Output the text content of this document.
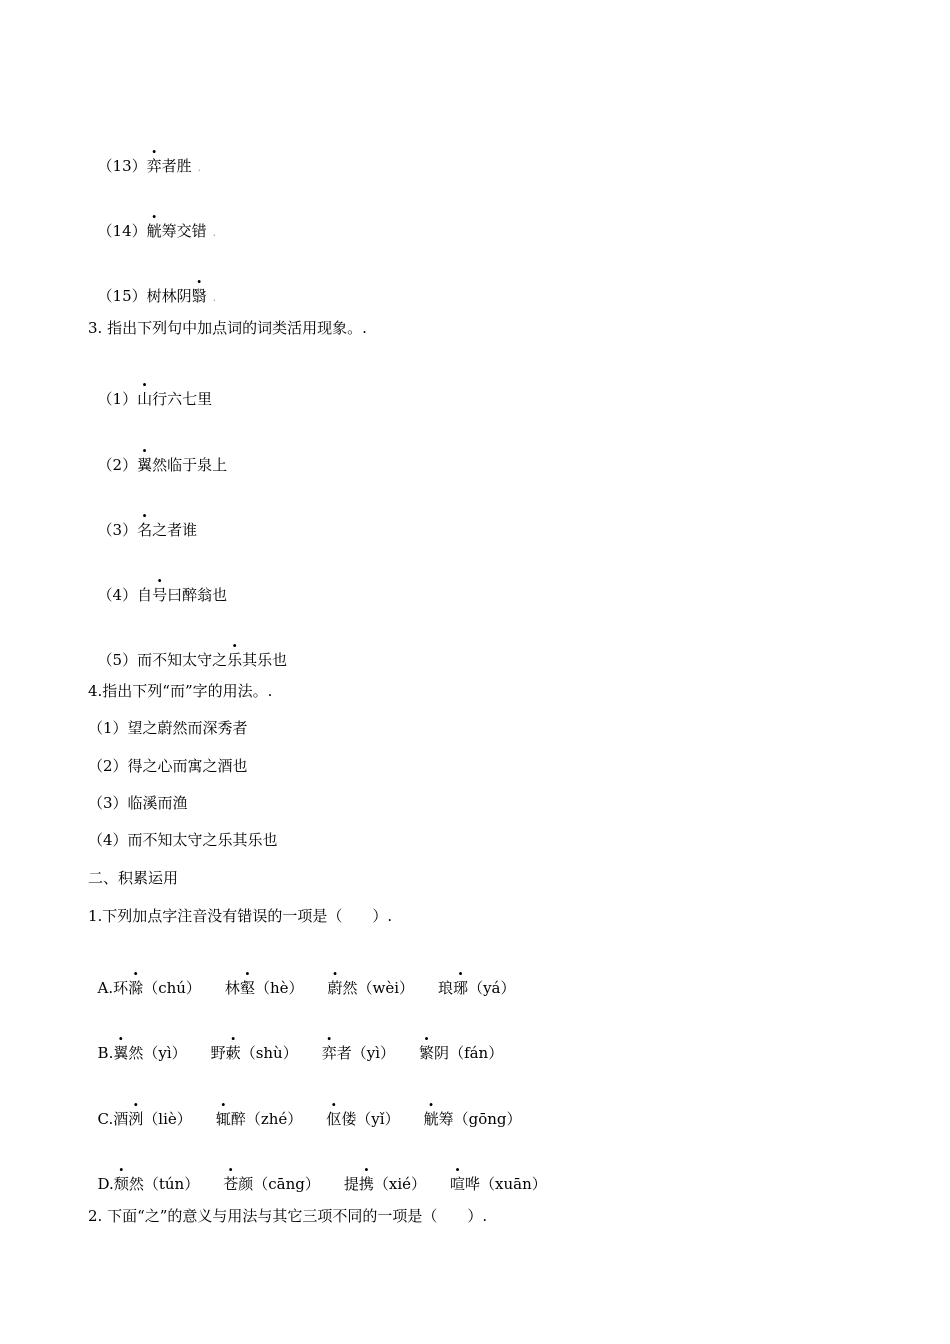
（13）弈者胜 .

（14）觥筹交错 .

（15）树林阴翳 .

3. 指出下列句中加点词的词类活用现象。.

（1）山行六七里

（2）翼然临于泉上

（3）名之者谁

（4）自号曰醉翁也

（5）而不知太守之乐其乐也

4.指出下列“而”字的用法。.
（1）望之蔚然而深秀者
（2）得之心而寓之酒也
（3）临溪而渔
（4）而不知太守之乐其乐也
二、积累运用
1.下列加点字注音没有错误的一项是（　　）.

A.环滁（chú） 林壑（hè） 蔚然（wèi） 琅琊（yá）

B.翼然（yì） 野蔌（shù） 弈者（yì） 繁阴（fán）

C.酒洌（liè） 辄醉（zhé） 伛偻（yǐ） 觥筹（gōng）

D.颓然（tún） 苍颜（cāng） 提携（xié） 喧哗（xuān）

2. 下面“之”的意义与用法与其它三项不同的一项是（　　）.
